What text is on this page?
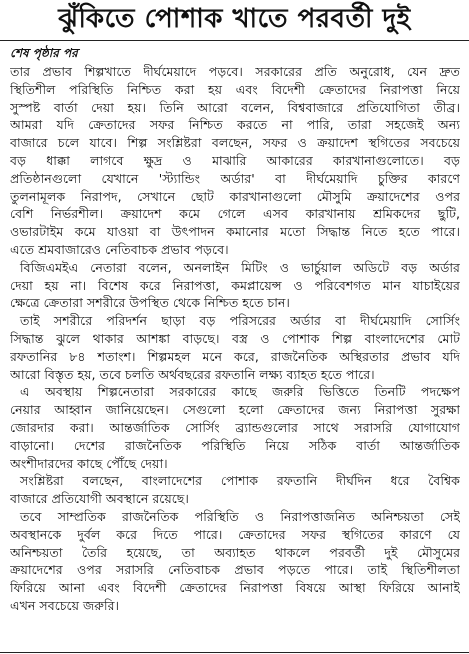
ঝুঁকিতে পোশাক খাতে পরবর্তী দুই
শেষ পৃষ্ঠার পর
তার প্রভাব শিল্পখাতে দীর্ঘমেয়াদে পড়বে। সরকারের প্রতি অনুরোধ, যেন দ্রুত
স্থিতিশীল পরিস্থিতি নিশ্চিত করা হয় এবং বিদেশী ক্রেতাদের নিরাপত্তা নিয়ে
সুস্পষ্ট বার্তা দেয়া হয়। তিনি আরো বলেন, বিশ্ববাজারে প্রতিযোগিতা তীব্র।
আমরা যদি ক্রেতাদের সফর নিশ্চিত করতে না পারি, তারা সহজেই অন্য
বাজারে চলে যাবে। শিল্প সংশ্লিষ্টরা বলছেন, সফর ও ক্রয়াদেশ স্থগিতের সবচেয়ে
বড় ধাক্কা লাগবে ক্ষুদ্র ও মাঝারি আকারের কারখানাগুলোতে। বড়
প্রতিষ্ঠানগুলো যেখানে 'স্ট্যান্ডিং অর্ডার' বা দীর্ঘমেয়াদি চুক্তির কারণে
তুলনামূলক নিরাপদ, সেখানে ছোট কারখানাগুলো মৌসুমি ক্রয়াদেশের ওপর
বেশি নির্ভরশীল। ক্রয়াদেশ কমে গেলে এসব কারখানায় শ্রমিকদের ছুটি,
ওভারটাইম কমে যাওয়া বা উৎপাদন কমানোর মতো সিদ্ধান্ত নিতে হতে পারে।
এতে শ্রমবাজারেও নেতিবাচক প্রভাব পড়বে।
বিজিএমইএ নেতারা বলেন, অনলাইন মিটিং ও ভার্চুয়াল অডিটে বড় অর্ডার
দেয়া হয় না। বিশেষ করে নিরাপত্তা, কমপ্লায়েন্স ও পরিবেশগত মান যাচাইয়ের
ক্ষেত্রে ক্রেতারা সশরীরে উপস্থিত থেকে নিশ্চিত হতে চান।
তাই সশরীরে পরিদর্শন ছাড়া বড় পরিসরের অর্ডার বা দীর্ঘমেয়াদি সোর্সিং
সিদ্ধান্ত ঝুলে থাকার আশঙ্কা বাড়ছে। বস্ত্র ও পোশাক শিল্প বাংলাদেশের মোট
রফতানির ৮৪ শতাংশ। শিল্পমহল মনে করে, রাজনৈতিক অস্থিরতার প্রভাব যদি
আরো বিস্তৃত হয়, তবে চলতি অর্থবছরের রফতানি লক্ষ্য ব্যাহত হতে পারে।
এ অবস্থায় শিল্পনেতারা সরকারের কাছে জরুরি ভিত্তিতে তিনটি পদক্ষেপ
নেয়ার আহ্বান জানিয়েছেন। সেগুলো হলো ক্রেতাদের জন্য নিরাপত্তা সুরক্ষা
জোরদার করা। আন্তর্জাতিক সোর্সিং ব্র্যান্ডগুলোর সাথে সরাসরি যোগাযোগ
বাড়ানো। দেশের রাজনৈতিক পরিস্থিতি নিয়ে সঠিক বার্তা আন্তর্জাতিক
অংশীদারদের কাছে পৌঁছে দেয়া।
সংশ্লিষ্টরা বলছেন, বাংলাদেশের পোশাক রফতানি দীর্ঘদিন ধরে বৈশ্বিক
বাজারে প্রতিযোগী অবস্থানে রয়েছে।
তবে সাম্প্রতিক রাজনৈতিক পরিস্থিতি ও নিরাপত্তাজনিত অনিশ্চয়তা সেই
অবস্থানকে দুর্বল করে দিতে পারে। ক্রেতাদের সফর স্থগিতের কারণে যে
অনিশ্চয়তা তৈরি হয়েছে, তা অব্যাহত থাকলে পরবর্তী দুই মৌসুমের
ক্রয়াদেশের ওপর সরাসরি নেতিবাচক প্রভাব পড়তে পারে। তাই স্থিতিশীলতা
ফিরিয়ে আনা এবং বিদেশী ক্রেতাদের নিরাপত্তা বিষয়ে আস্থা ফিরিয়ে আনাই
এখন সবচেয়ে জরুরি।
